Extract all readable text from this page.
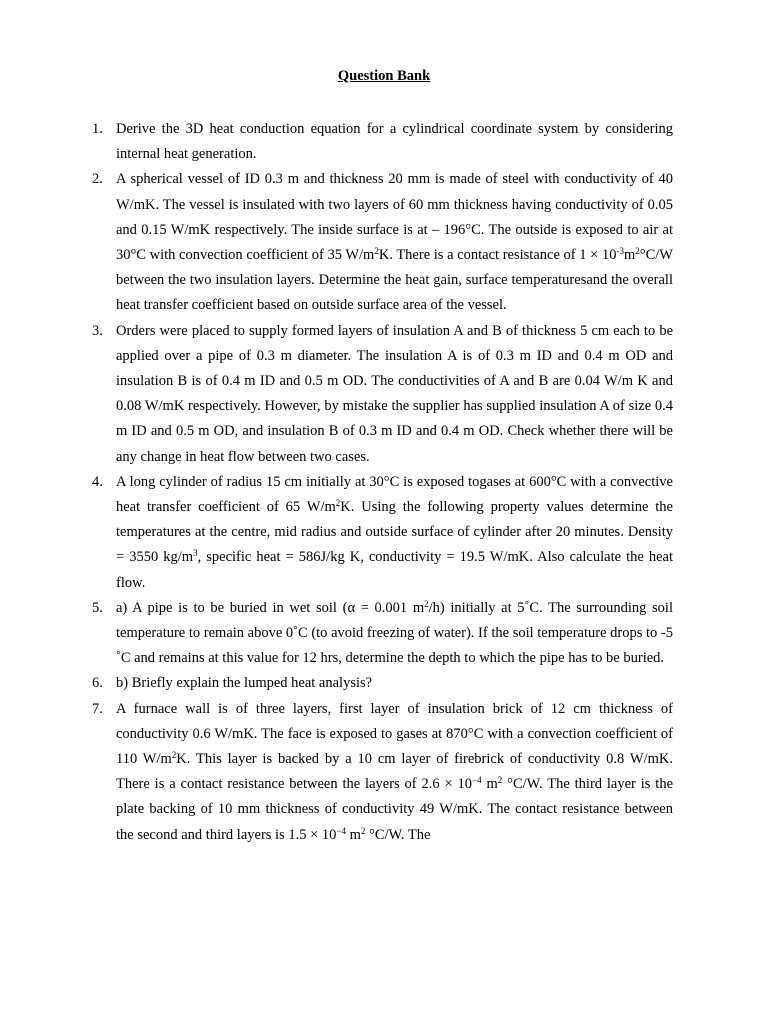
Question Bank
1. Derive the 3D heat conduction equation for a cylindrical coordinate system by considering internal heat generation.
2. A spherical vessel of ID 0.3 m and thickness 20 mm is made of steel with conductivity of 40 W/mK. The vessel is insulated with two layers of 60 mm thickness having conductivity of 0.05 and 0.15 W/mK respectively. The inside surface is at – 196°C. The outside is exposed to air at 30°C with convection coefficient of 35 $W/m^2K$. There is a contact resistance of $1 \times 10^{-3}m^2^\circ C/W$ between the two insulation layers. Determine the heat gain, surface temperaturesand the overall heat transfer coefficient based on outside surface area of the vessel.
3. Orders were placed to supply formed layers of insulation A and B of thickness 5 cm each to be applied over a pipe of 0.3 m diameter. The insulation A is of 0.3 m ID and 0.4 m OD and insulation B is of 0.4 m ID and 0.5 m OD. The conductivities of A and B are 0.04 W/m K and 0.08 W/mK respectively. However, by mistake the supplier has supplied insulation A of size 0.4 m ID and 0.5 m OD, and insulation B of 0.3 m ID and 0.4 m OD. Check whether there will be any change in heat flow between two cases.
4. A long cylinder of radius 15 cm initially at 30°C is exposed togases at 600°C with a convective heat transfer coefficient of 65 $W/m^2K$. Using the following property values determine the temperatures at the centre, mid radius and outside surface of cylinder after 20 minutes. Density = 3550 $kg/m^3$, specific heat = 586J/kg K, conductivity = 19.5 W/mK. Also calculate the heat flow.
5. a) A pipe is to be buried in wet soil (α = 0.001 $m^2/h$) initially at 5˚C. The surrounding soil temperature to remain above 0˚C (to avoid freezing of water). If the soil temperature drops to -5 ˚C and remains at this value for 12 hrs, determine the depth to which the pipe has to be buried.
6. b) Briefly explain the lumped heat analysis?
7. A furnace wall is of three layers, first layer of insulation brick of 12 cm thickness of conductivity 0.6 W/mK. The face is exposed to gases at 870°C with a convection coefficient of 110 $W/m^2K$. This layer is backed by a 10 cm layer of firebrick of conductivity 0.8 W/mK. There is a contact resistance between the layers of $2.6 \times 10^{-4}$ $m^2$ °C/W. The third layer is the plate backing of 10 mm thickness of conductivity 49 W/mK. The contact resistance between the second and third layers is $1.5 \times 10^{-4}$ $m^2$ °C/W. The
